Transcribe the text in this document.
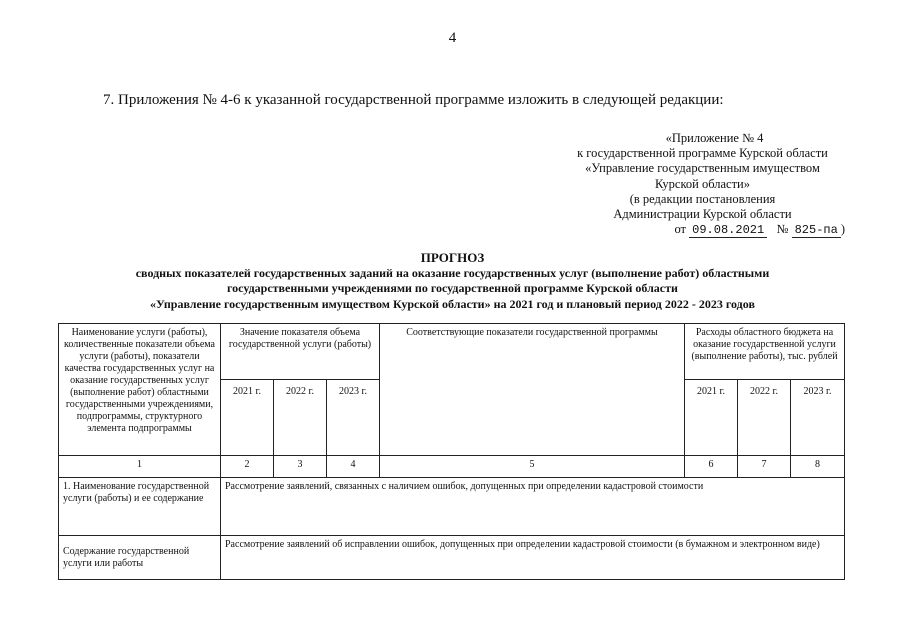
4
7. Приложения № 4-6 к указанной государственной программе изложить в следующей редакции:
«Приложение № 4
к государственной программе Курской области
«Управление государственным имуществом
Курской области»
(в редакции постановления
Администрации Курской области
от 09.08.2021 № 825-па )
ПРОГНОЗ
сводных показателей государственных заданий на оказание государственных услуг (выполнение работ) областными
государственными учреждениями по государственной программе Курской области
«Управление государственным имуществом Курской области» на 2021 год и плановый период 2022 - 2023 годов
Наименование услуги (работы), количественные показатели объема услуги (работы), показатели качества государственных услуг на оказание государственных услуг (выполнение работ) областными государственными учреждениями, подпрограммы, структурного элемента подпрограммы	Значение показателя объема государственной услуги (работы)			Соответствующие показатели государственной программы	Расходы областного бюджета на оказание государственной услуги (выполнение работы), тыс. рублей		
	2021 г.	2022 г.	2023 г.		2021 г.	2022 г.	2023 г.
1	2	3	4	5	6	7	8
1. Наименование государственной услуги (работы) и ее содержание	Рассмотрение заявлений, связанных с наличием ошибок, допущенных при определении кадастровой стоимости						
Содержание государственной услуги или работы	Рассмотрение заявлений об исправлении ошибок, допущенных при определении кадастровой стоимости (в бумажном и электронном виде)						
